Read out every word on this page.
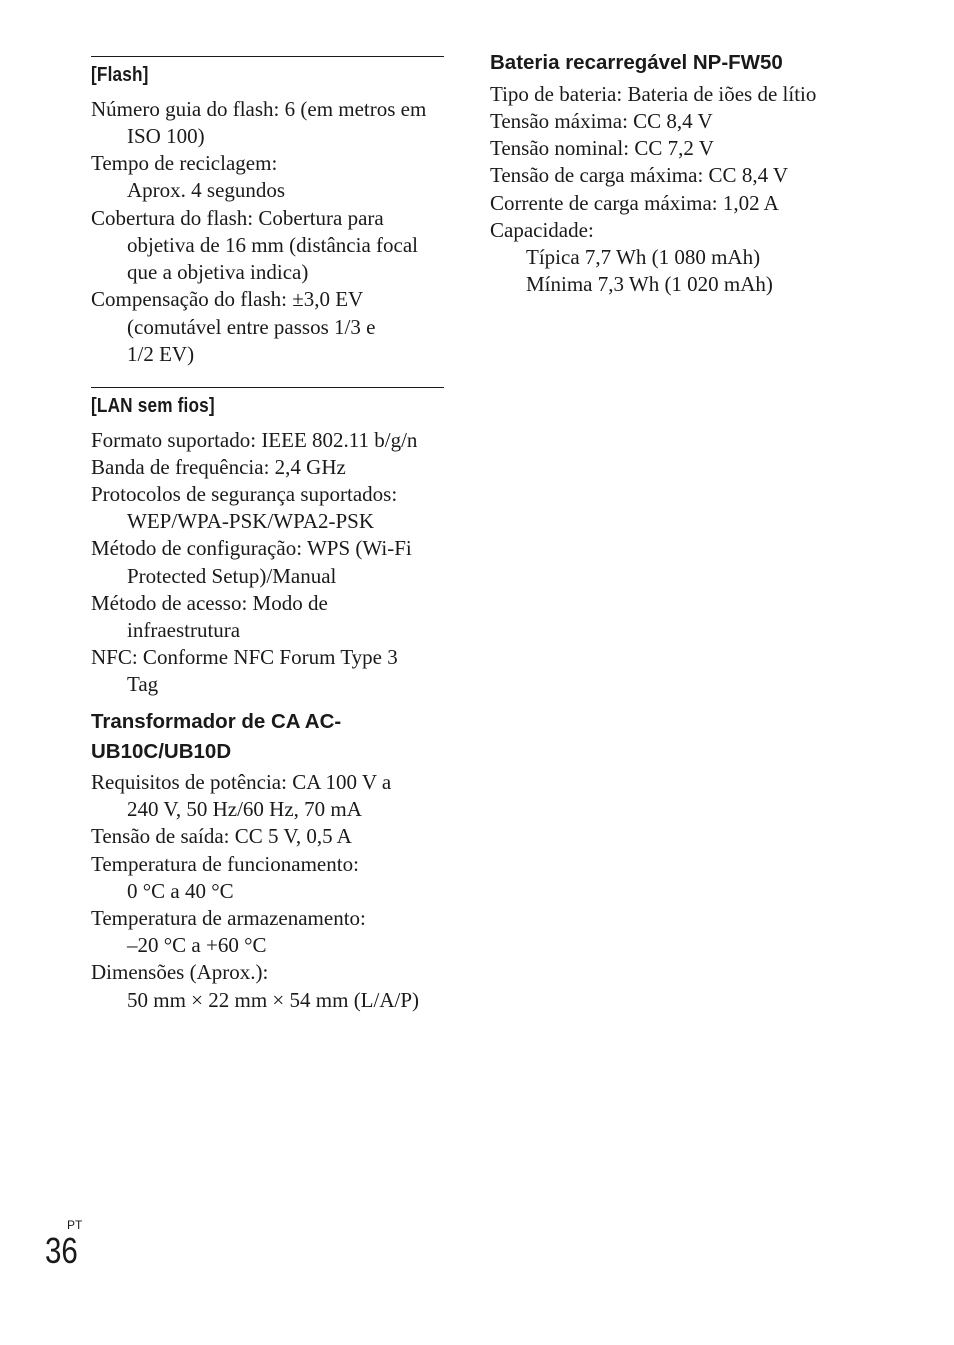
[Flash]
Número guia do flash: 6 (em metros em
ISO 100)
Tempo de reciclagem:
Aprox. 4 segundos
Cobertura do flash: Cobertura para
objetiva de 16 mm (distância focal
que a objetiva indica)
Compensação do flash: ±3,0 EV
(comutável entre passos 1/3 e
1/2 EV)
[LAN sem fios]
Formato suportado: IEEE 802.11 b/g/n
Banda de frequência: 2,4 GHz
Protocolos de segurança suportados:
WEP/WPA-PSK/WPA2-PSK
Método de configuração: WPS (Wi-Fi
Protected Setup)/Manual
Método de acesso: Modo de
infraestrutura
NFC: Conforme NFC Forum Type 3
Tag
Transformador de CA AC-
UB10C/UB10D
Requisitos de potência: CA 100 V a
240 V, 50 Hz/60 Hz, 70 mA
Tensão de saída: CC 5 V, 0,5 A
Temperatura de funcionamento:
0 °C a 40 °C
Temperatura de armazenamento:
–20 °C a +60 °C
Dimensões (Aprox.):
50 mm × 22 mm × 54 mm (L/A/P)
Bateria recarregável NP-FW50
Tipo de bateria: Bateria de iões de lítio
Tensão máxima: CC 8,4 V
Tensão nominal: CC 7,2 V
Tensão de carga máxima: CC 8,4 V
Corrente de carga máxima: 1,02 A
Capacidade:
Típica 7,7 Wh (1 080 mAh)
Mínima 7,3 Wh (1 020 mAh)
PT
36
